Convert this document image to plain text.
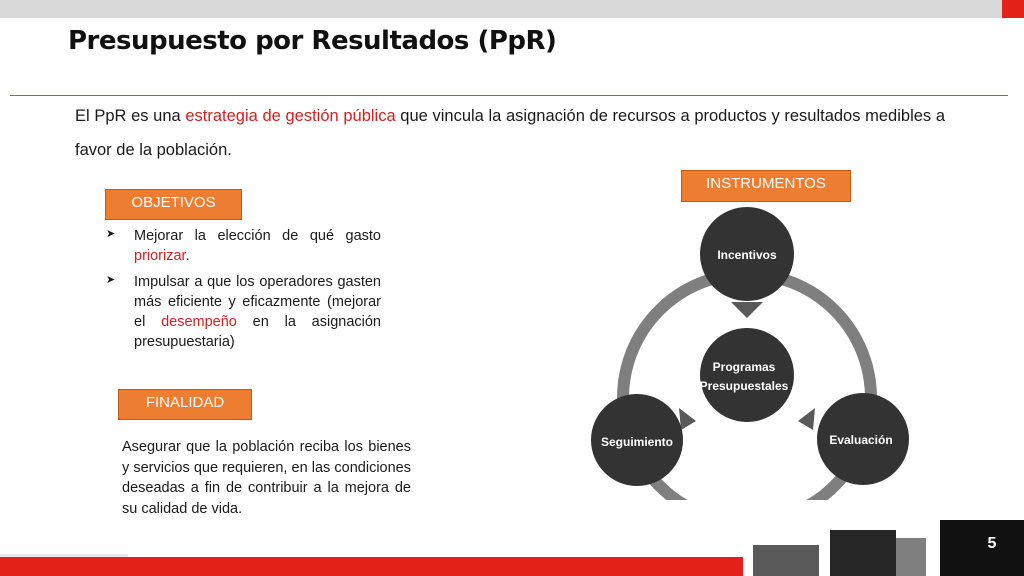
Presupuesto por Resultados (PpR)

El PpR es una estrategia de gestión pública que vincula la asignación de recursos a productos y resultados medibles a favor de la población.

OBJETIVOS
➤ Mejorar la elección de qué gasto priorizar.
➤ Impulsar a que los operadores gasten más eficiente y eficazmente (mejorar el desempeño en la asignación presupuestaria)
FINALIDAD

Asegurar que la población reciba los bienes y servicios que requieren, en las condiciones deseadas a fin de contribuir a la mejora de su calidad de vida.

INSTRUMENTOS
Incentivos
Programas
Presupuestales
Seguimiento	Evaluación
5
